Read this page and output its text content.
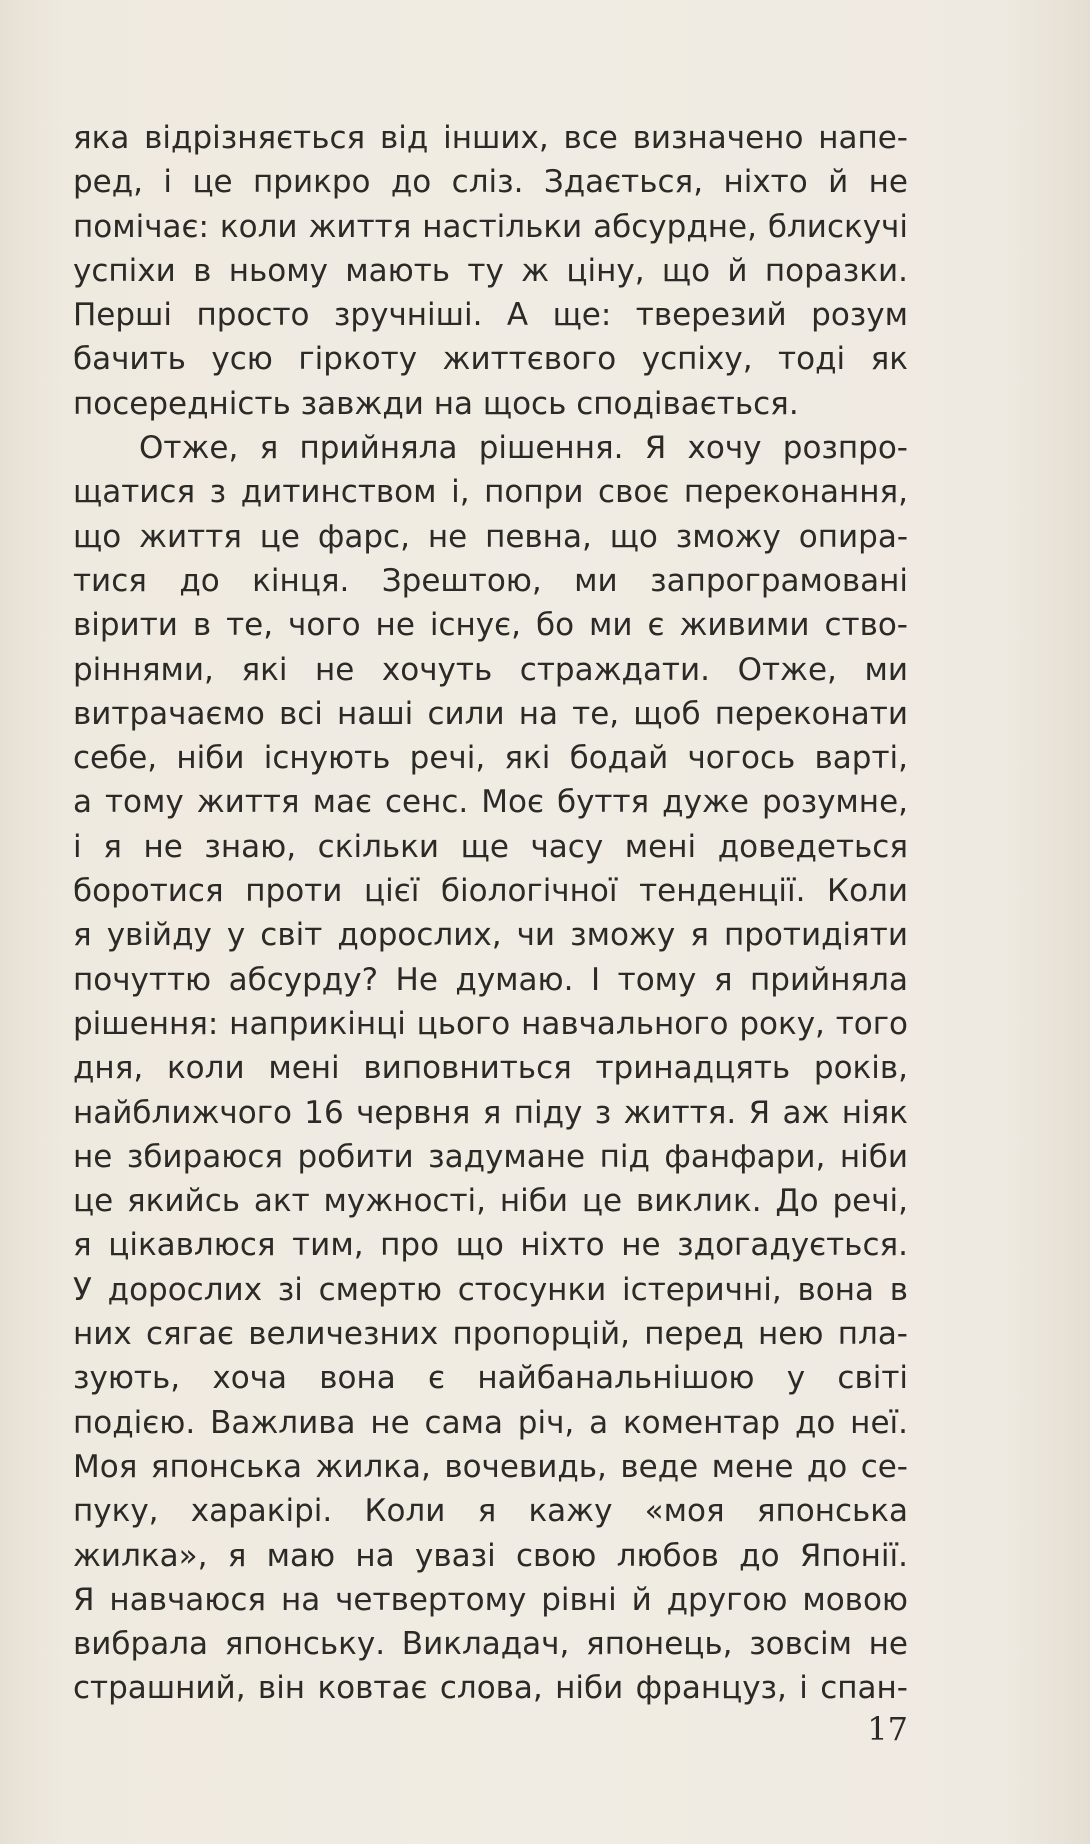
яка відрізняється від інших, все визначено напе-
ред, і це прикро до сліз. Здається, ніхто й не
помічає: коли життя настільки абсурдне, блискучі
успіхи в ньому мають ту ж ціну, що й поразки.
Перші просто зручніші. А ще: тверезий розум
бачить усю гіркоту життєвого успіху, тоді як
посередність завжди на щось сподівається.
Отже, я прийняла рішення. Я хочу розпро-
щатися з дитинством і, попри своє переконання,
що життя це фарс, не певна, що зможу опира-
тися до кінця. Зрештою, ми запрограмовані
вірити в те, чого не існує, бо ми є живими ство-
ріннями, які не хочуть страждати. Отже, ми
витрачаємо всі наші сили на те, щоб переконати
себе, ніби існують речі, які бодай чогось варті,
а тому життя має сенс. Моє буття дуже розумне,
і я не знаю, скільки ще часу мені доведеться
боротися проти цієї біологічної тенденції. Коли
я увійду у світ дорослих, чи зможу я протидіяти
почуттю абсурду? Не думаю. І тому я прийняла
рішення: наприкінці цього навчального року, того
дня, коли мені виповниться тринадцять років,
найближчого 16 червня я піду з життя. Я аж ніяк
не збираюся робити задумане під фанфари, ніби
це якийсь акт мужності, ніби це виклик. До речі,
я цікавлюся тим, про що ніхто не здогадується.
У дорослих зі смертю стосунки істеричні, вона в
них сягає величезних пропорцій, перед нею пла-
зують, хоча вона є найбанальнішою у світі
подією. Важлива не сама річ, а коментар до неї.
Моя японська жилка, вочевидь, веде мене до се-
пуку, харакірі. Коли я кажу «моя японська
жилка», я маю на увазі свою любов до Японії.
Я навчаюся на четвертому рівні й другою мовою
вибрала японську. Викладач, японець, зовсім не
страшний, він ковтає слова, ніби француз, і спан-
17
